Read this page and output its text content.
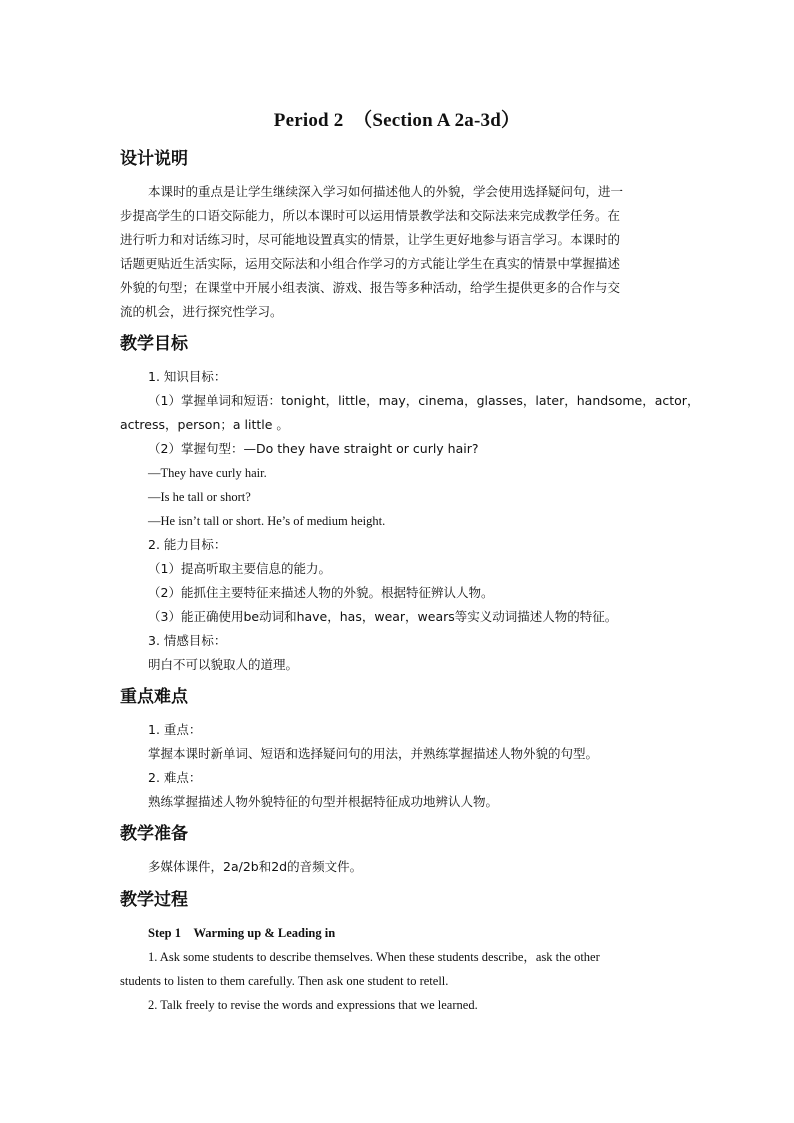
Period 2　（Section A 2a-3d）
设计说明
本课时的重点是让学生继续深入学习如何描述他人的外貌，学会使用选择疑问句，进一
步提高学生的口语交际能力，所以本课时可以运用情景教学法和交际法来完成教学任务。在
进行听力和对话练习时，尽可能地设置真实的情景，让学生更好地参与语言学习。本课时的
话题更贴近生活实际，运用交际法和小组合作学习的方式能让学生在真实的情景中掌握描述
外貌的句型；在课堂中开展小组表演、游戏、报告等多种活动，给学生提供更多的合作与交
流的机会，进行探究性学习。
教学目标
1. 知识目标：
（1）掌握单词和短语：tonight，little，may，cinema，glasses，later，handsome，actor，
actress，person；a little 。
（2）掌握句型：—Do they have straight or curly hair?
—They have curly hair.
—Is he tall or short?
—He isn’t tall or short. He’s of medium height.
2. 能力目标：
（1）提高听取主要信息的能力。
（2）能抓住主要特征来描述人物的外貌。根据特征辨认人物。
（3）能正确使用be动词和have，has，wear，wears等实义动词描述人物的特征。
3. 情感目标：
明白不可以貌取人的道理。
重点难点
1. 重点：
掌握本课时新单词、短语和选择疑问句的用法，并熟练掌握描述人物外貌的句型。
2. 难点：
熟练掌握描述人物外貌特征的句型并根据特征成功地辨认人物。
教学准备
多媒体课件，2a/2b和2d的音频文件。
教学过程
Step 1　Warming up & Leading in
1. Ask some students to describe themselves. When these students describe，ask the other
students to listen to them carefully. Then ask one student to retell.
2. Talk freely to revise the words and expressions that we learned.
